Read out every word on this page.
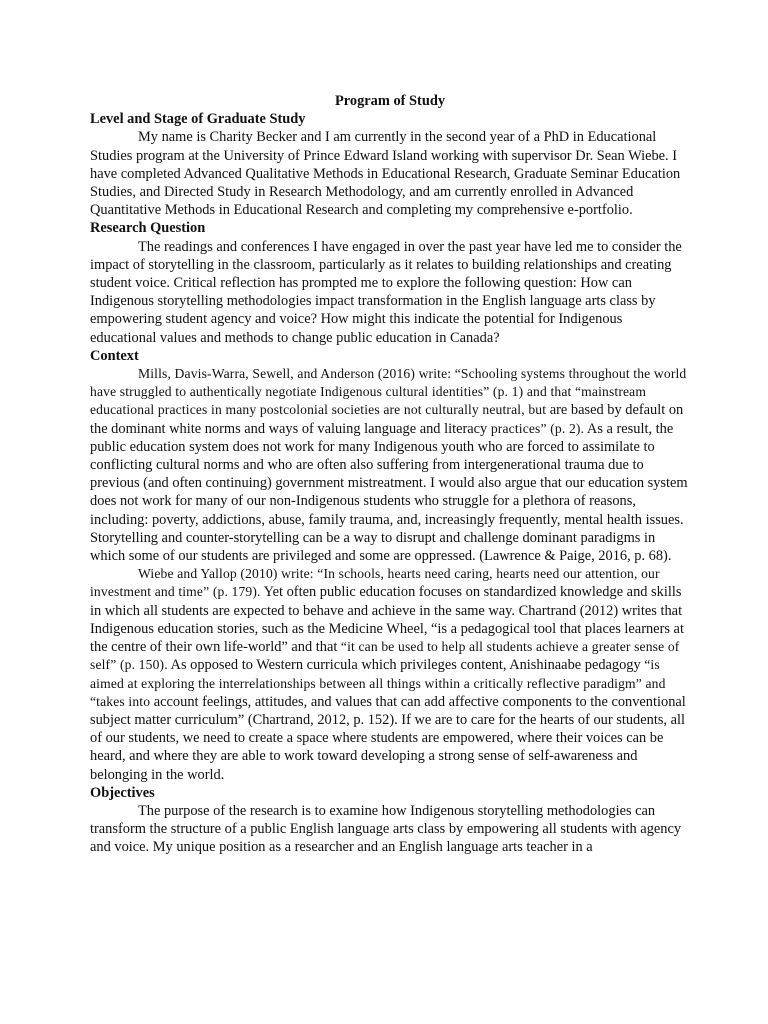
Program of Study

Level and Stage of Graduate Study

My name is Charity Becker and I am currently in the second year of a PhD in Educational Studies program at the University of Prince Edward Island working with supervisor Dr. Sean Wiebe. I have completed Advanced Qualitative Methods in Educational Research, Graduate Seminar Education Studies, and Directed Study in Research Methodology, and am currently enrolled in Advanced Quantitative Methods in Educational Research and completing my comprehensive e-portfolio.

Research Question

The readings and conferences I have engaged in over the past year have led me to consider the impact of storytelling in the classroom, particularly as it relates to building relationships and creating student voice. Critical reflection has prompted me to explore the following question: How can Indigenous storytelling methodologies impact transformation in the English language arts class by empowering student agency and voice? How might this indicate the potential for Indigenous educational values and methods to change public education in Canada?

Context

Mills, Davis-Warra, Sewell, and Anderson (2016) write: “Schooling systems throughout the world have struggled to authentically negotiate Indigenous cultural identities” (p. 1) and that “mainstream educational practices in many postcolonial societies are not culturally neutral, but are based by default on the dominant white norms and ways of valuing language and literacy practices” (p. 2). As a result, the public education system does not work for many Indigenous youth who are forced to assimilate to conflicting cultural norms and who are often also suffering from intergenerational trauma due to previous (and often continuing) government mistreatment. I would also argue that our education system does not work for many of our non-Indigenous students who struggle for a plethora of reasons, including: poverty, addictions, abuse, family trauma, and, increasingly frequently, mental health issues. Storytelling and counter-storytelling can be a way to disrupt and challenge dominant paradigms in which some of our students are privileged and some are oppressed. (Lawrence & Paige, 2016, p. 68).

Wiebe and Yallop (2010) write: “In schools, hearts need caring, hearts need our attention, our investment and time” (p. 179). Yet often public education focuses on standardized knowledge and skills in which all students are expected to behave and achieve in the same way. Chartrand (2012) writes that Indigenous education stories, such as the Medicine Wheel, “is a pedagogical tool that places learners at the centre of their own life-world” and that “it can be used to help all students achieve a greater sense of self” (p. 150). As opposed to Western curricula which privileges content, Anishinaabe pedagogy “is aimed at exploring the interrelationships between all things within a critically reflective paradigm” and “takes into account feelings, attitudes, and values that can add affective components to the conventional subject matter curriculum” (Chartrand, 2012, p. 152). If we are to care for the hearts of our students, all of our students, we need to create a space where students are empowered, where their voices can be heard, and where they are able to work toward developing a strong sense of self-awareness and belonging in the world.

Objectives

The purpose of the research is to examine how Indigenous storytelling methodologies can transform the structure of a public English language arts class by empowering all students with agency and voice. My unique position as a researcher and an English language arts teacher in a
